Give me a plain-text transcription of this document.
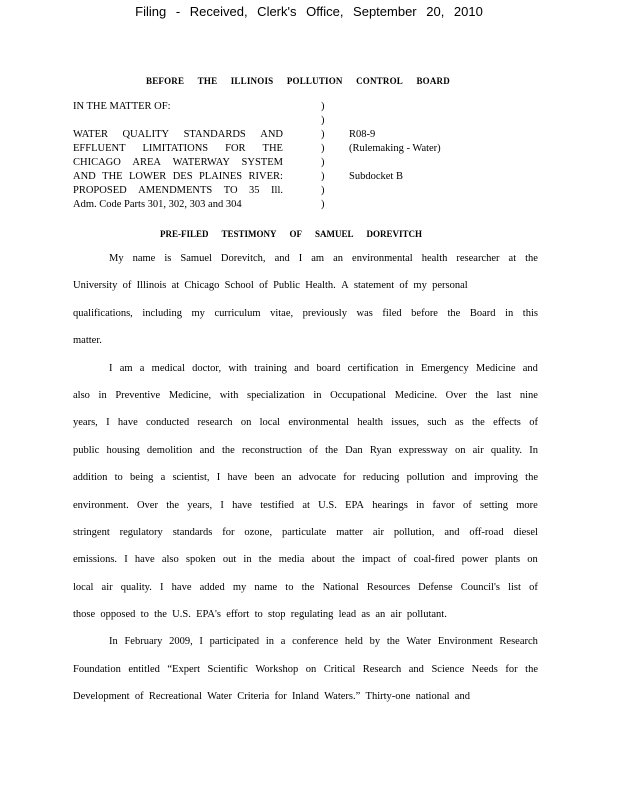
Filing - Received, Clerk's Office, September 20, 2010
BEFORE THE ILLINOIS POLLUTION CONTROL BOARD
IN THE MATTER OF:

WATER QUALITY STANDARDS AND
EFFLUENT LIMITATIONS FOR THE
CHICAGO AREA WATERWAY SYSTEM
AND THE LOWER DES PLAINES RIVER:
PROPOSED AMENDMENTS TO 35 Ill.
Adm. Code Parts 301, 302, 303 and 304
)
)
)
)
)
)
)
)
R08-9
(Rulemaking - Water)

Subdocket B
PRE-FILED TESTIMONY OF SAMUEL DOREVITCH
My name is Samuel Dorevitch, and I am an environmental health researcher at the
University of Illinois at Chicago School of Public Health. A statement of my personal
qualifications, including my curriculum vitae, previously was filed before the Board in this
matter.
I am a medical doctor, with training and board certification in Emergency Medicine and
also in Preventive Medicine, with specialization in Occupational Medicine. Over the last nine
years, I have conducted research on local environmental health issues, such as the effects of
public housing demolition and the reconstruction of the Dan Ryan expressway on air quality. In
addition to being a scientist, I have been an advocate for reducing pollution and improving the
environment. Over the years, I have testified at U.S. EPA hearings in favor of setting more
stringent regulatory standards for ozone, particulate matter air pollution, and off-road diesel
emissions. I have also spoken out in the media about the impact of coal-fired power plants on
local air quality. I have added my name to the National Resources Defense Council's list of
those opposed to the U.S. EPA's effort to stop regulating lead as an air pollutant.
In February 2009, I participated in a conference held by the Water Environment Research
Foundation entitled “Expert Scientific Workshop on Critical Research and Science Needs for the
Development of Recreational Water Criteria for Inland Waters.” Thirty-one national and
